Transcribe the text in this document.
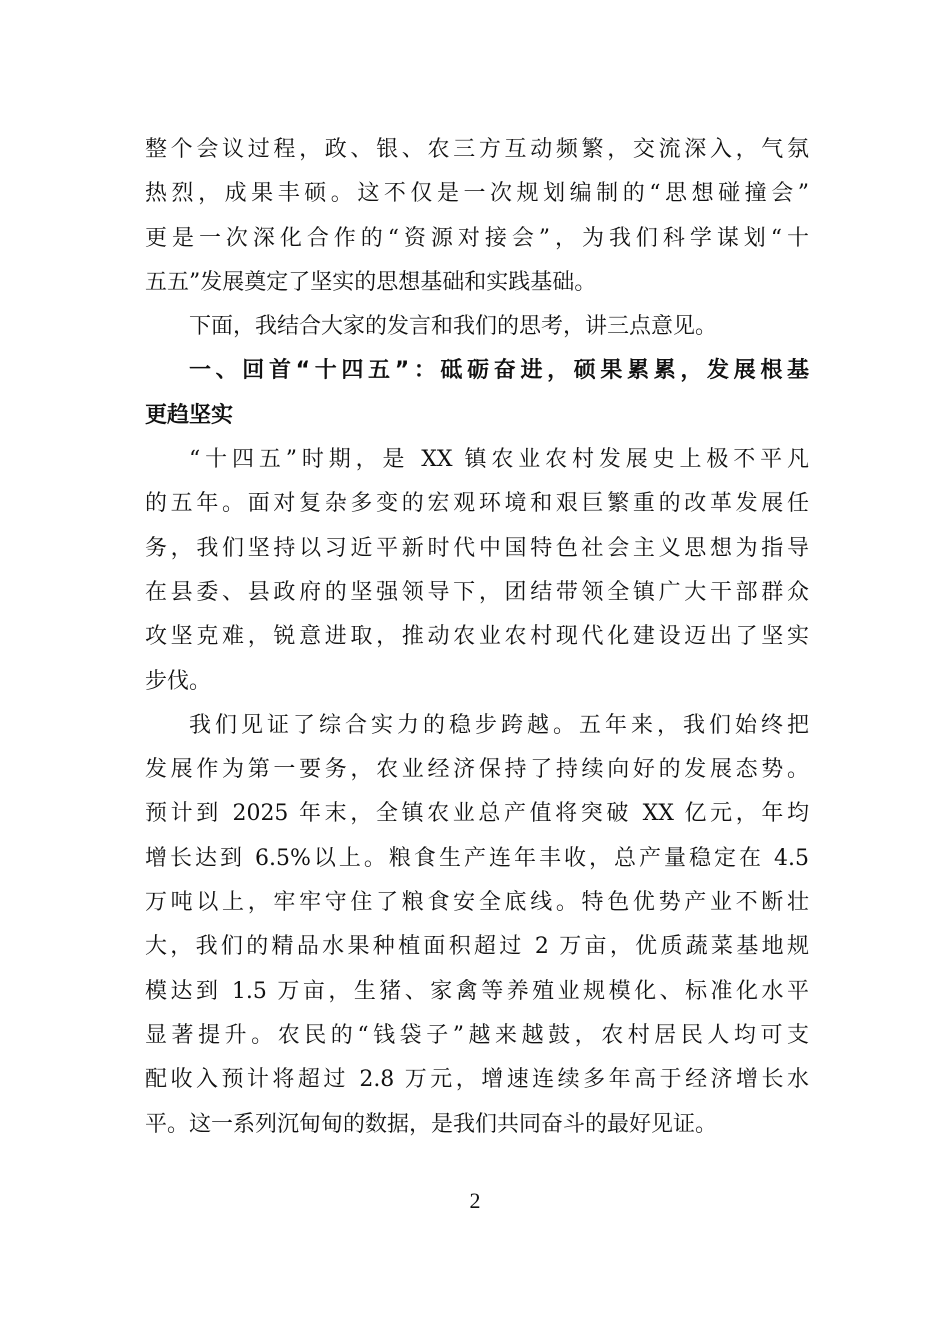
整个会议过程，政、银、农三方互动频繁，交流深入，气氛
热烈，成果丰硕。这不仅是一次规划编制的“思想碰撞会”
更是一次深化合作的“资源对接会”，为我们科学谋划“十
五五”发展奠定了坚实的思想基础和实践基础。
下面，我结合大家的发言和我们的思考，讲三点意见。
一、回首“十四五”：砥砺奋进，硕果累累，发展根基
更趋坚实
“十四五”时期，是 XX 镇农业农村发展史上极不平凡
的五年。面对复杂多变的宏观环境和艰巨繁重的改革发展任
务，我们坚持以习近平新时代中国特色社会主义思想为指导
在县委、县政府的坚强领导下，团结带领全镇广大干部群众
攻坚克难，锐意进取，推动农业农村现代化建设迈出了坚实
步伐。
我们见证了综合实力的稳步跨越。五年来，我们始终把
发展作为第一要务，农业经济保持了持续向好的发展态势。
预计到 2025 年末，全镇农业总产值将突破 XX 亿元，年均
增长达到 6.5%以上。粮食生产连年丰收，总产量稳定在 4.5
万吨以上，牢牢守住了粮食安全底线。特色优势产业不断壮
大，我们的精品水果种植面积超过 2 万亩，优质蔬菜基地规
模达到 1.5 万亩，生猪、家禽等养殖业规模化、标准化水平
显著提升。农民的“钱袋子”越来越鼓，农村居民人均可支
配收入预计将超过 2.8 万元，增速连续多年高于经济增长水
平。这一系列沉甸甸的数据，是我们共同奋斗的最好见证。
2
